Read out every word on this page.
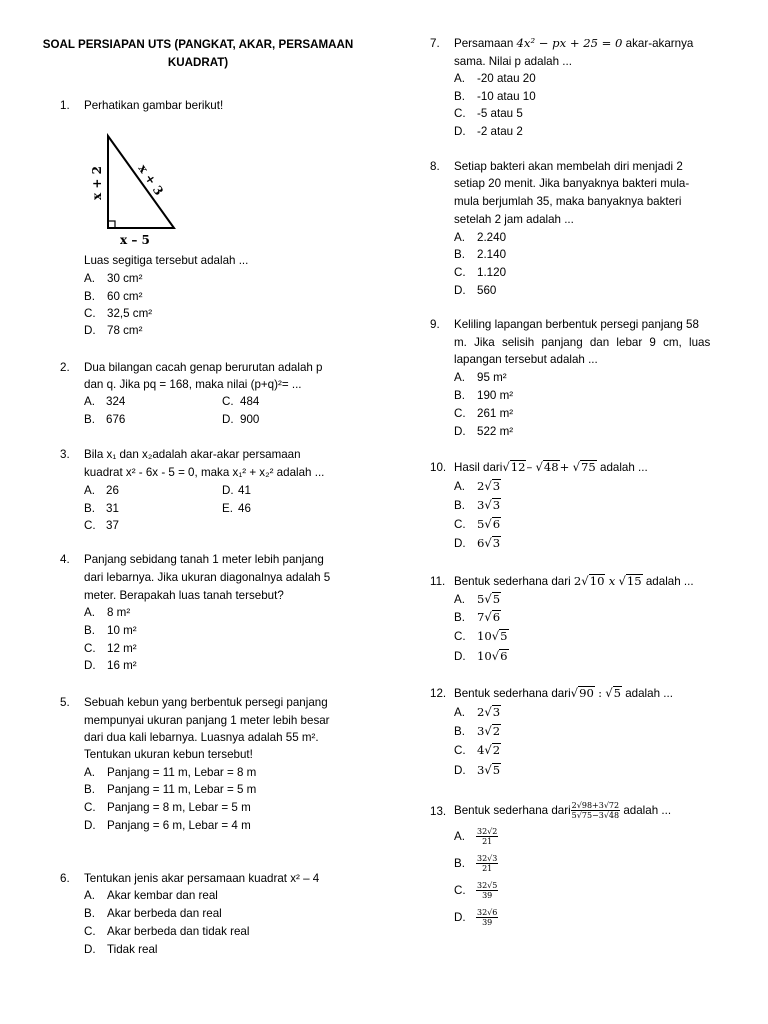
SOAL PERSIAPAN UTS (PANGKAT, AKAR, PERSAMAAN
KUADRAT)
1. Perhatikan gambar berikut!
x + 2	x + 3
x – 5
Luas segitiga tersebut adalah ...
A. 30 cm²
B. 60 cm²
C. 32,5 cm²
D. 78 cm²
2. Dua bilangan cacah genap berurutan adalah p
dan q. Jika pq = 168, maka nilai (p+q)²= ...
A. 324	C. 484
B. 676	D. 900
3. Bila x₁ dan x₂adalah akar-akar persamaan
kuadrat x² - 6x - 5 = 0, maka x₁² + x₂² adalah ...
A. 26	D. 41
B. 31	E. 46
C. 37
4. Panjang sebidang tanah 1 meter lebih panjang
dari lebarnya. Jika ukuran diagonalnya adalah 5
meter. Berapakah luas tanah tersebut?
A. 8 m²
B. 10 m²
C. 12 m²
D. 16 m²
5. Sebuah kebun yang berbentuk persegi panjang
mempunyai ukuran panjang 1 meter lebih besar
dari dua kali lebarnya. Luasnya adalah 55 m².
Tentukan ukuran kebun tersebut!
A. Panjang = 11 m, Lebar = 8 m
B. Panjang = 11 m, Lebar = 5 m
C. Panjang = 8 m, Lebar = 5 m
D. Panjang = 6 m, Lebar = 4 m
6. Tentukan jenis akar persamaan kuadrat x² – 4
A. Akar kembar dan real
B. Akar berbeda dan real
C. Akar berbeda dan tidak real
D. Tidak real
7. Persamaan 4x² − px + 25 = 0 akar-akarnya
sama. Nilai p adalah ...
A. -20 atau 20
B. -10 atau 10
C. -5 atau 5
D. -2 atau 2
8. Setiap bakteri akan membelah diri menjadi 2
setiap 20 menit. Jika banyaknya bakteri mula-
mula berjumlah 35, maka banyaknya bakteri
setelah 2 jam adalah ...
A. 2.240
B. 2.140
C. 1.120
D. 560
9. Keliling lapangan berbentuk persegi panjang 58
m. Jika selisih panjang dan lebar 9 cm, luas
lapangan tersebut adalah ...
A. 95 m²
B. 190 m²
C. 261 m²
D. 522 m²
10. Hasil dari√12– √48+ √75 adalah ...
A. 2√3
B. 3√3
C. 5√6
D. 6√3
11. Bentuk sederhana dari 2√10 x √15 adalah ...
A. 5√5
B. 7√6
C. 10√5
D. 10√6
12. Bentuk sederhana dari√90 : √5 adalah ...
A. 2√3
B. 3√2
C. 4√2
D. 3√5
13. Bentuk sederhana dari $\frac{2√98+3√72}{5√75-3√48}$ adalah ...
A. $\frac{32√2}{21}$
B. $\frac{32√3}{21}$
C. $\frac{32√5}{39}$
D. $\frac{32√6}{39}$
